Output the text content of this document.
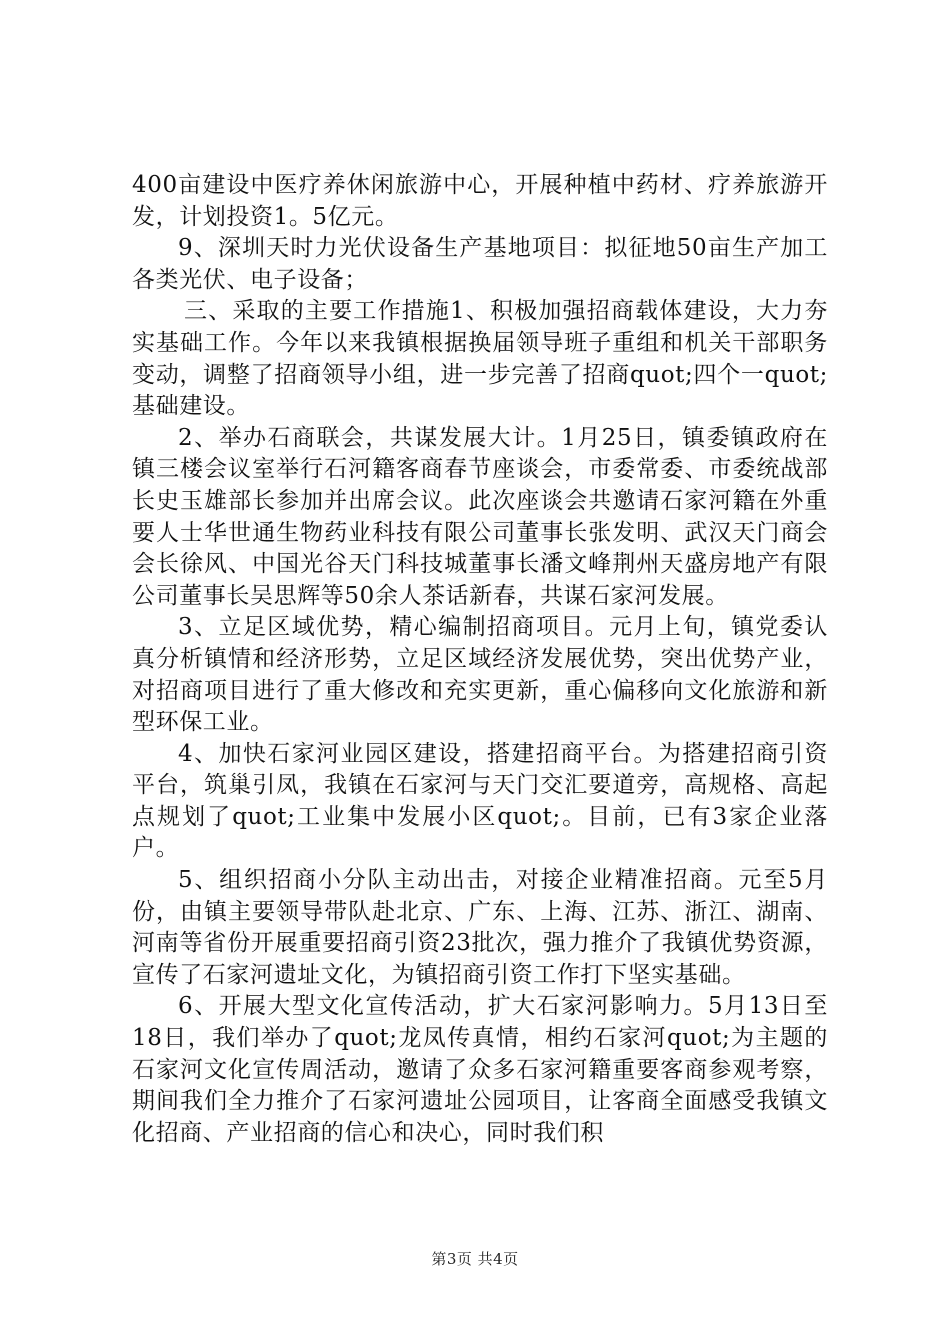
400亩建设中医疗养休闲旅游中心，开展种植中药材、疗养旅游开发，计划投资1。5亿元。

9、深圳天时力光伏设备生产基地项目：拟征地50亩生产加工各类光伏、电子设备；

三、采取的主要工作措施1、积极加强招商载体建设，大力夯实基础工作。今年以来我镇根据换届领导班子重组和机关干部职务变动，调整了招商领导小组，进一步完善了招商quot;四个一quot;基础建设。

2、举办石商联会，共谋发展大计。1月25日，镇委镇政府在镇三楼会议室举行石河籍客商春节座谈会，市委常委、市委统战部长史玉雄部长参加并出席会议。此次座谈会共邀请石家河籍在外重要人士华世通生物药业科技有限公司董事长张发明、武汉天门商会会长徐风、中国光谷天门科技城董事长潘文峰荆州天盛房地产有限公司董事长吴思辉等50余人茶话新春，共谋石家河发展。

3、立足区域优势，精心编制招商项目。元月上旬，镇党委认真分析镇情和经济形势，立足区域经济发展优势，突出优势产业，对招商项目进行了重大修改和充实更新，重心偏移向文化旅游和新型环保工业。

4、加快石家河业园区建设，搭建招商平台。为搭建招商引资平台，筑巢引凤，我镇在石家河与天门交汇要道旁，高规格、高起点规划了quot;工业集中发展小区quot;。目前，已有3家企业落户。

5、组织招商小分队主动出击，对接企业精准招商。元至5月份，由镇主要领导带队赴北京、广东、上海、江苏、浙江、湖南、河南等省份开展重要招商引资23批次，强力推介了我镇优势资源，宣传了石家河遗址文化，为镇招商引资工作打下坚实基础。

6、开展大型文化宣传活动，扩大石家河影响力。5月13日至18日，我们举办了quot;龙凤传真情，相约石家河quot;为主题的石家河文化宣传周活动，邀请了众多石家河籍重要客商参观考察，期间我们全力推介了石家河遗址公园项目，让客商全面感受我镇文化招商、产业招商的信心和决心，同时我们积

第3页 共4页
